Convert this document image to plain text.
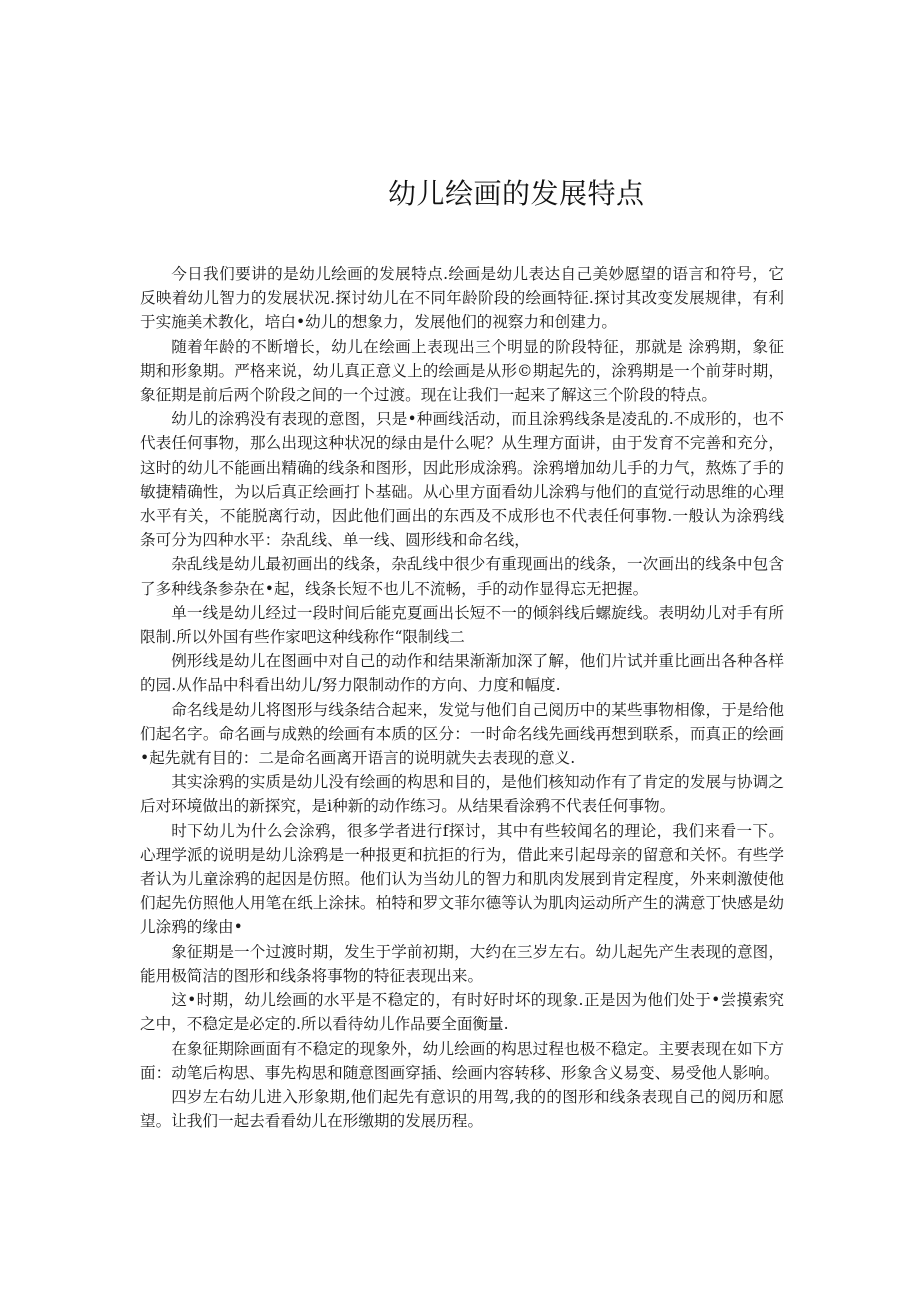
幼儿绘画的发展特点

今日我们要讲的是幼儿绘画的发展特点.绘画是幼儿表达自己美妙愿望的语言和符号，它反映着幼儿智力的发展状况.探讨幼儿在不同年龄阶段的绘画特征.探讨其改变发展规律，有利于实施美术教化，培白•幼儿的想象力，发展他们的视察力和创建力。

随着年龄的不断增长，幼儿在绘画上表现出三个明显的阶段特征，那就是 涂鸦期，象征期和形象期。严格来说，幼儿真正意义上的绘画是从形©期起先的，涂鸦期是一个前芽时期，象征期是前后两个阶段之间的一个过渡。现在让我们一起来了解这三个阶段的特点。

幼儿的涂鸦没有表现的意图，只是•种画线活动，而且涂鸦线条是凌乱的.不成形的，也不代表任何事物，那么出现这种状况的绿由是什么呢？从生理方面讲，由于发育不完善和充分，这时的幼儿不能画出精确的线条和图形，因此形成涂鸦。涂鸦增加幼儿手的力气，熬炼了手的敏捷精确性，为以后真正绘画打卜基础。从心里方面看幼儿涂鸦与他们的直觉行动思维的心理水平有关，不能脱离行动，因此他们画出的东西及不成形也不代表任何事物.一般认为涂鸦线条可分为四种水平：杂乱线、单一线、圆形线和命名线，

杂乱线是幼儿最初画出的线条，杂乱线中很少有重现画出的线条，一次画出的线条中包含了多种线条参杂在•起，线条长短不也儿不流畅，手的动作显得忘无把握。

单一线是幼儿经过一段时间后能克夏画出长短不一的倾斜线后螺旋线。表明幼儿对手有所限制.所以外国有些作家吧这种线称作“限制线二

例形线是幼儿在图画中对自己的动作和结果渐渐加深了解，他们片试并重比画出各种各样的园.从作品中科看出幼儿/努力限制动作的方向、力度和幅度.

命名线是幼儿将图形与线条结合起来，发觉与他们自己阅历中的某些事物相像，于是给他们起名字。命名画与成熟的绘画有本质的区分：一时命名线先画线再想到联系，而真正的绘画•起先就有目的：二是命名画离开语言的说明就失去表现的意义.

其实涂鸦的实质是幼儿没有绘画的构思和目的，是他们核知动作有了肯定的发展与协调之后对环境做出的新探究，是i种新的动作练习。从结果看涂鸦不代表任何事物。

时下幼儿为什么会涂鸦，很多学者进行f探讨，其中有些较闻名的理论，我们来看一下。心理学派的说明是幼儿涂鸦是一种报更和抗拒的行为，借此来引起母亲的留意和关怀。有些学者认为儿童涂鸦的起因是仿照。他们认为当幼儿的智力和肌肉发展到肯定程度，外来刺激使他们起先仿照他人用笔在纸上涂抹。柏特和罗文菲尔德等认为肌肉运动所产生的满意丁快感是幼儿涂鸦的缘由•

象征期是一个过渡时期，发生于学前初期，大约在三岁左右。幼儿起先产生表现的意图，能用极简洁的图形和线条将事物的特征表现出来。

这•时期，幼儿绘画的水平是不稳定的，有时好时坏的现象.正是因为他们处于•尝摸索究之中，不稳定是必定的.所以看待幼儿作品要全面衡量.

在象征期除画面有不稳定的现象外，幼儿绘画的构思过程也极不稳定。主要表现在如下方面：动笔后构思、事先构思和随意图画穿插、绘画内容转移、形象含义易变、易受他人影响。

四岁左右幼儿进入形象期,他们起先有意识的用驾,我的的图形和线条表现自己的阅历和愿望。让我们一起去看看幼儿在形缴期的发展历程。
